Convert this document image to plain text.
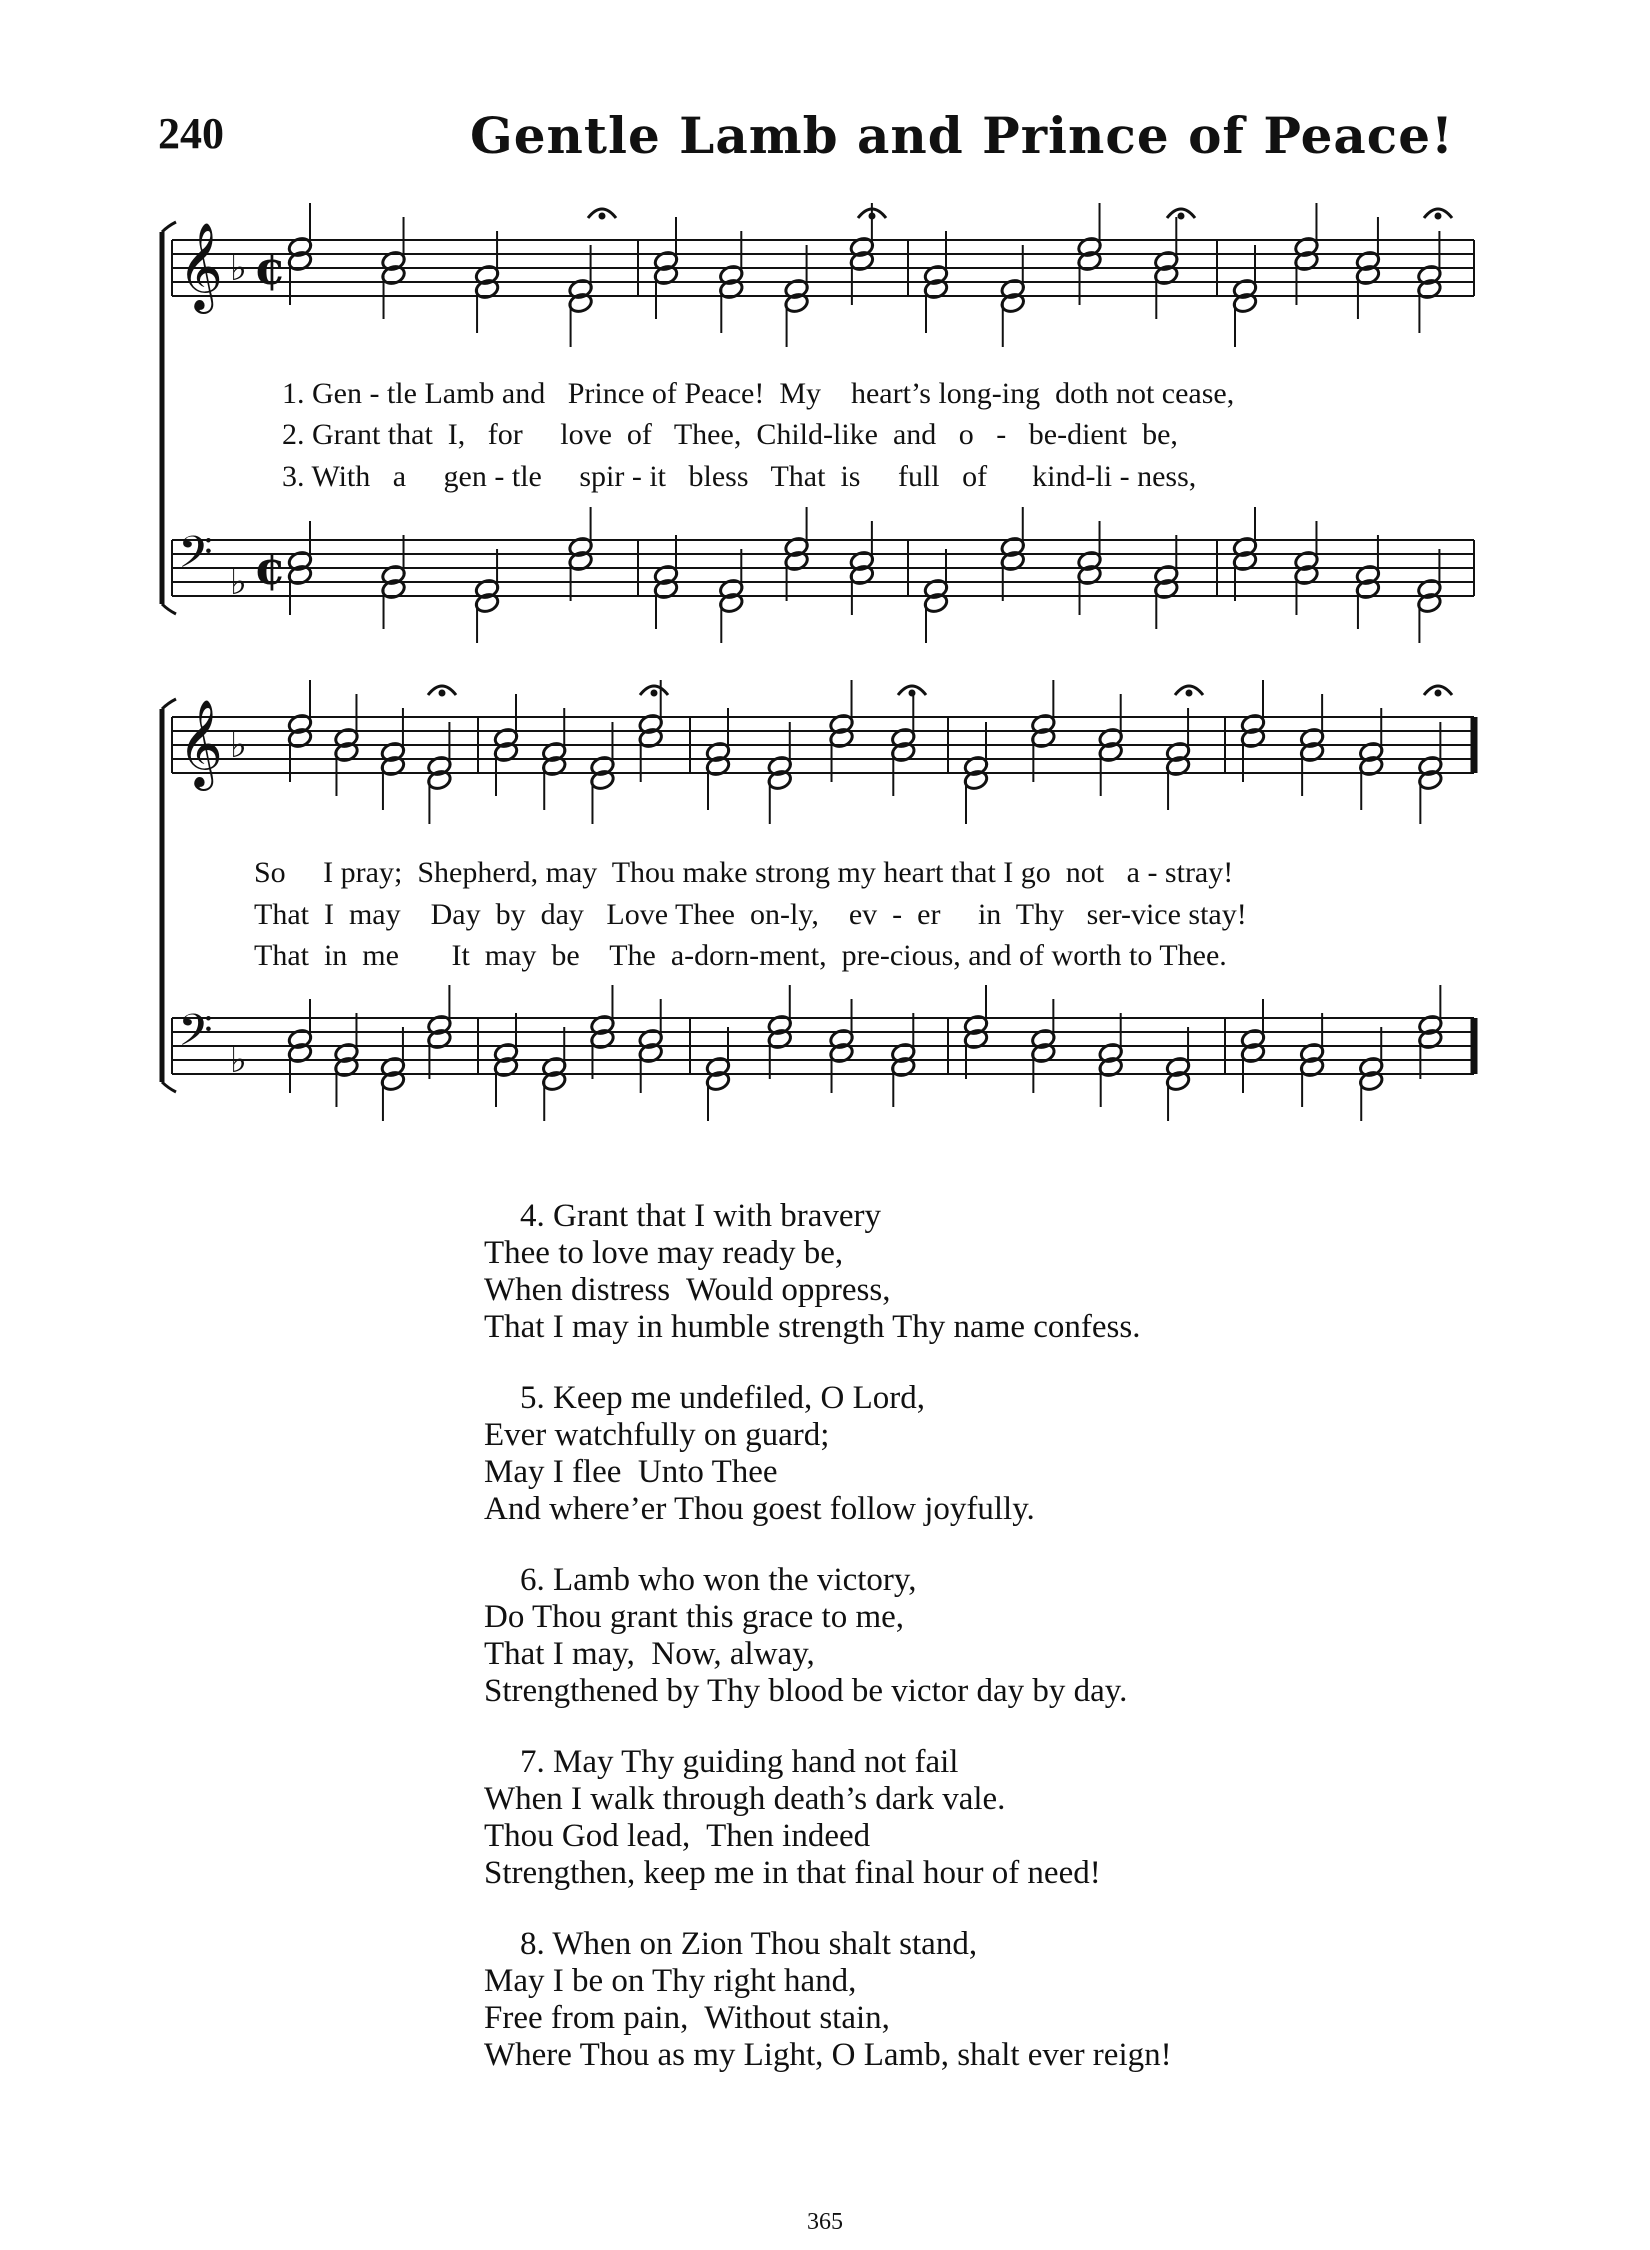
240	Gentle Lamb and Prince of Peace!
𝄞 ♭ ¢
𝄢 ♭ ¢
𝄞 ♭
𝄢 ♭
1. Gen - tle Lamb and   Prince of Peace!  My    heart’s long-ing  doth not cease,
2. Grant that  I,   for     love  of   Thee,  Child-like  and   o   -   be-dient  be,
3. With   a     gen - tle     spir - it   bless   That  is     full   of      kind-li - ness,
So     I pray;  Shepherd, may  Thou make strong my heart that I go  not   a - stray!
That  I  may    Day  by  day   Love Thee  on-ly,    ev  -  er     in  Thy   ser-vice stay!
That  in  me       It  may  be    The  a-dorn-ment,  pre-cious, and of worth to Thee.
4. Grant that I with bravery
Thee to love may ready be,
When distress  Would oppress,
That I may in humble strength Thy name confess.
5. Keep me undefiled, O Lord,
Ever watchfully on guard;
May I flee  Unto Thee
And where’er Thou goest follow joyfully.
6. Lamb who won the victory,
Do Thou grant this grace to me,
That I may,  Now, alway,
Strengthened by Thy blood be victor day by day.
7. May Thy guiding hand not fail
When I walk through death’s dark vale.
Thou God lead,  Then indeed
Strengthen, keep me in that final hour of need!
8. When on Zion Thou shalt stand,
May I be on Thy right hand,
Free from pain,  Without stain,
Where Thou as my Light, O Lamb, shalt ever reign!
365
